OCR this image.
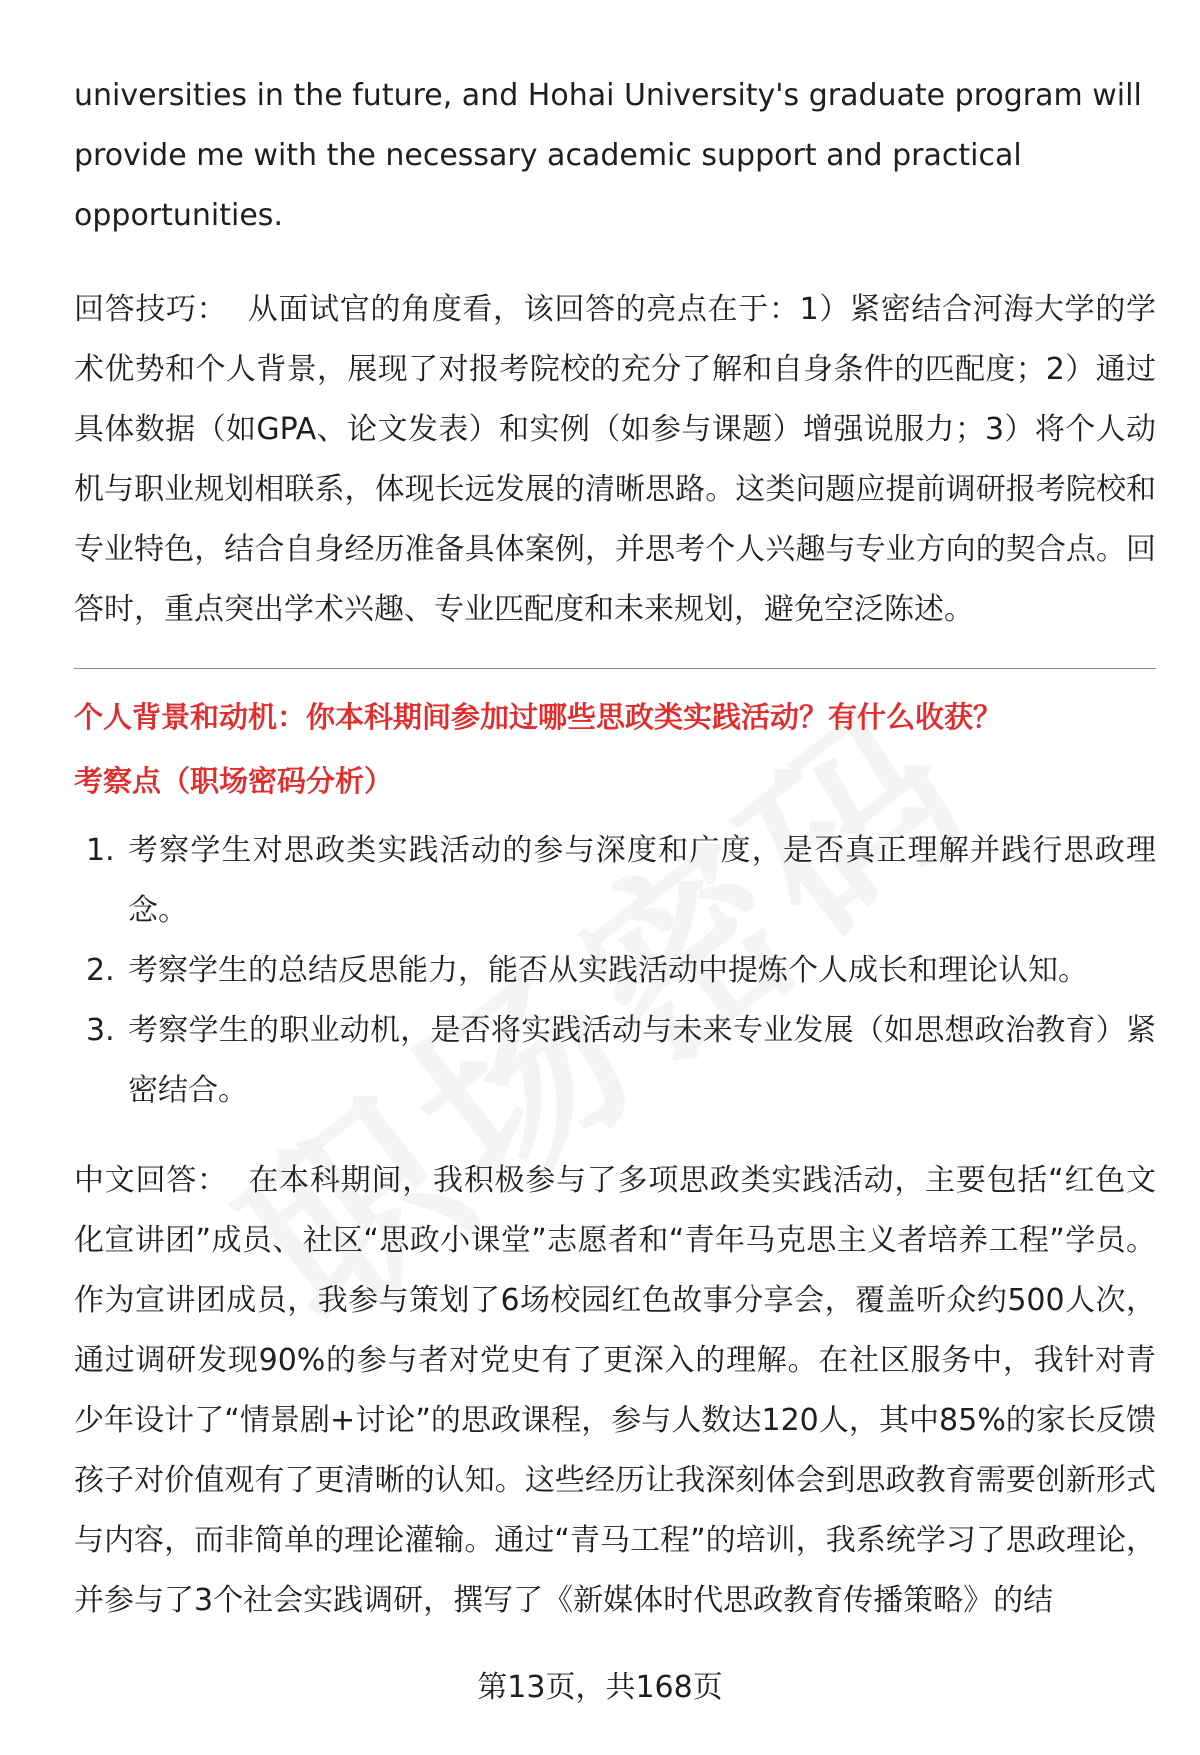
universities in the future, and Hohai University's graduate program will provide me with the necessary academic support and practical opportunities.

回答技巧： 从面试官的角度看，该回答的亮点在于：1）紧密结合河海大学的学术优势和个人背景，展现了对报考院校的充分了解和自身条件的匹配度；2）通过具体数据（如GPA、论文发表）和实例（如参与课题）增强说服力；3）将个人动机与职业规划相联系，体现长远发展的清晰思路。这类问题应提前调研报考院校和专业特色，结合自身经历准备具体案例，并思考个人兴趣与专业方向的契合点。回答时，重点突出学术兴趣、专业匹配度和未来规划，避免空泛陈述。

个人背景和动机：你本科期间参加过哪些思政类实践活动？有什么收获？
考察点（职场密码分析）
1. 考察学生对思政类实践活动的参与深度和广度，是否真正理解并践行思政理念。
2. 考察学生的总结反思能力，能否从实践活动中提炼个人成长和理论认知。
3. 考察学生的职业动机，是否将实践活动与未来专业发展（如思想政治教育）紧密结合。

中文回答： 在本科期间，我积极参与了多项思政类实践活动，主要包括“红色文化宣讲团”成员、社区“思政小课堂”志愿者和“青年马克思主义者培养工程”学员。作为宣讲团成员，我参与策划了6场校园红色故事分享会，覆盖听众约500人次，通过调研发现90%的参与者对党史有了更深入的理解。在社区服务中，我针对青少年设计了“情景剧+讨论”的思政课程，参与人数达120人，其中85%的家长反馈孩子对价值观有了更清晰的认知。这些经历让我深刻体会到思政教育需要创新形式与内容，而非简单的理论灌输。通过“青马工程”的培训，我系统学习了思政理论，并参与了3个社会实践调研，撰写了《新媒体时代思政教育传播策略》的结

第13页，共168页
